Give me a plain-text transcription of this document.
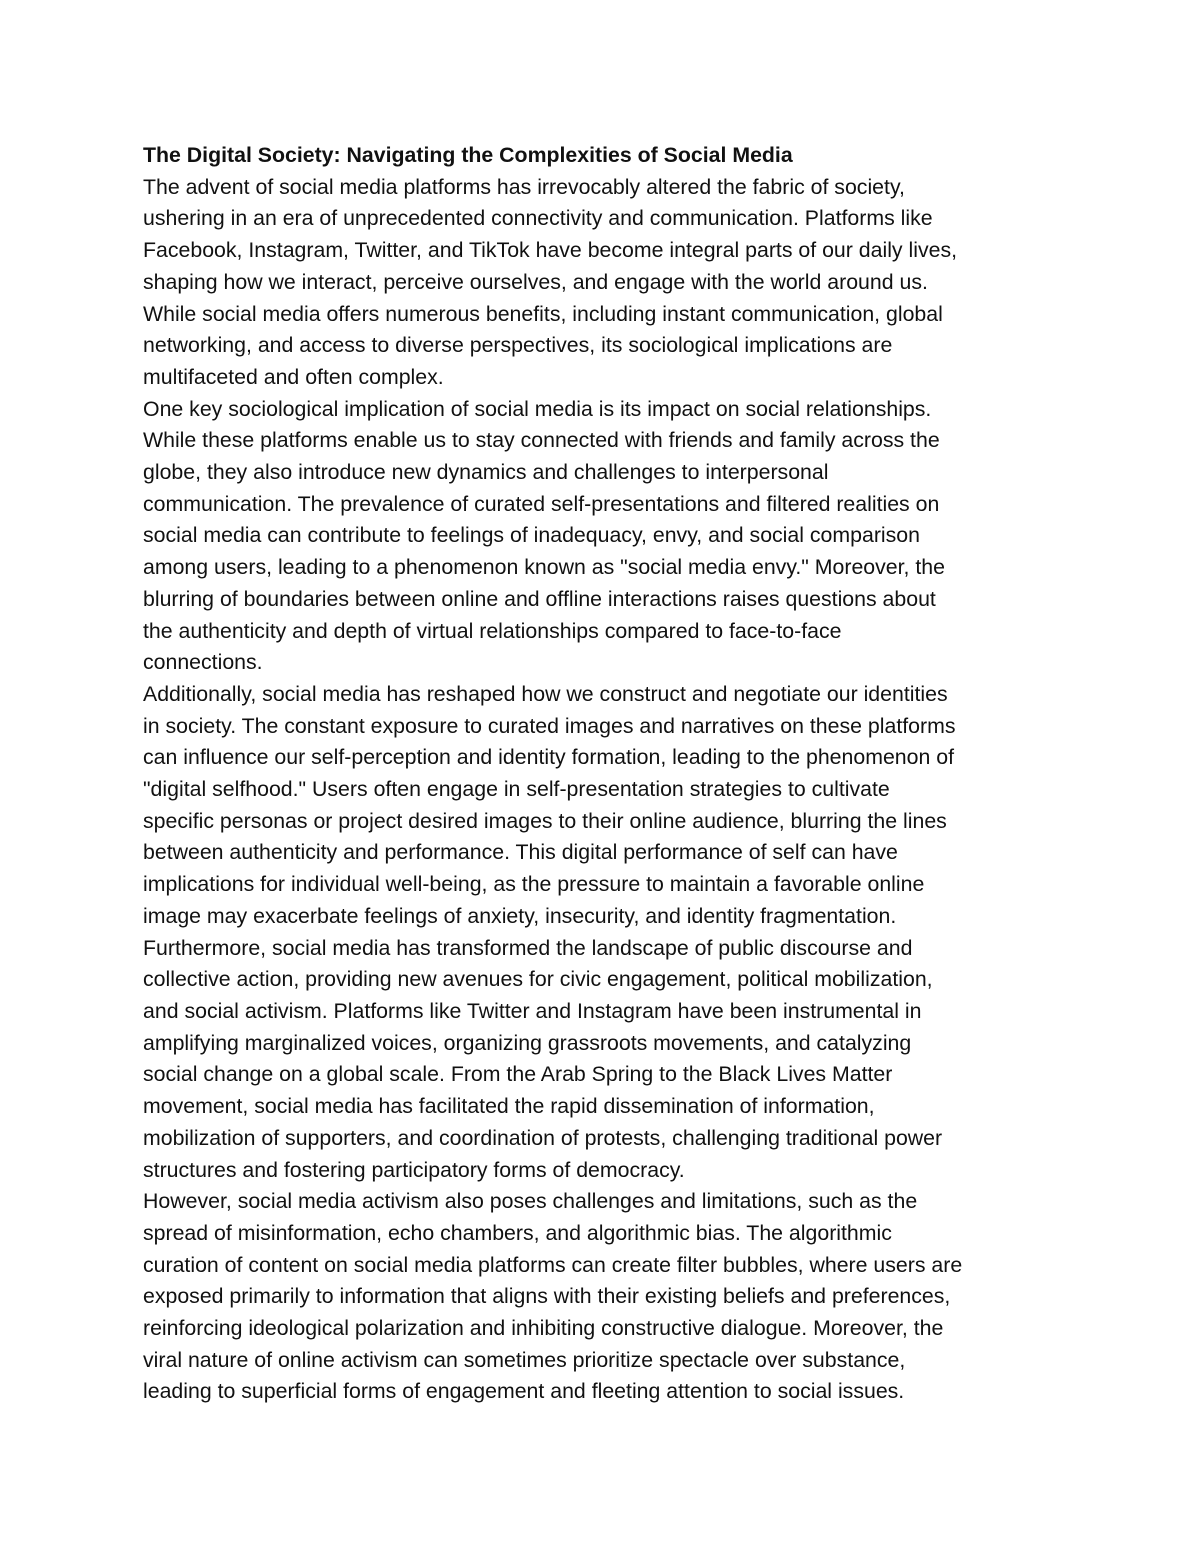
The Digital Society: Navigating the Complexities of Social Media

The advent of social media platforms has irrevocably altered the fabric of society,
ushering in an era of unprecedented connectivity and communication. Platforms like
Facebook, Instagram, Twitter, and TikTok have become integral parts of our daily lives,
shaping how we interact, perceive ourselves, and engage with the world around us.
While social media offers numerous benefits, including instant communication, global
networking, and access to diverse perspectives, its sociological implications are
multifaceted and often complex.

One key sociological implication of social media is its impact on social relationships.
While these platforms enable us to stay connected with friends and family across the
globe, they also introduce new dynamics and challenges to interpersonal
communication. The prevalence of curated self-presentations and filtered realities on
social media can contribute to feelings of inadequacy, envy, and social comparison
among users, leading to a phenomenon known as "social media envy." Moreover, the
blurring of boundaries between online and offline interactions raises questions about
the authenticity and depth of virtual relationships compared to face-to-face
connections.

Additionally, social media has reshaped how we construct and negotiate our identities
in society. The constant exposure to curated images and narratives on these platforms
can influence our self-perception and identity formation, leading to the phenomenon of
"digital selfhood." Users often engage in self-presentation strategies to cultivate
specific personas or project desired images to their online audience, blurring the lines
between authenticity and performance. This digital performance of self can have
implications for individual well-being, as the pressure to maintain a favorable online
image may exacerbate feelings of anxiety, insecurity, and identity fragmentation.

Furthermore, social media has transformed the landscape of public discourse and
collective action, providing new avenues for civic engagement, political mobilization,
and social activism. Platforms like Twitter and Instagram have been instrumental in
amplifying marginalized voices, organizing grassroots movements, and catalyzing
social change on a global scale. From the Arab Spring to the Black Lives Matter
movement, social media has facilitated the rapid dissemination of information,
mobilization of supporters, and coordination of protests, challenging traditional power
structures and fostering participatory forms of democracy.

However, social media activism also poses challenges and limitations, such as the
spread of misinformation, echo chambers, and algorithmic bias. The algorithmic
curation of content on social media platforms can create filter bubbles, where users are
exposed primarily to information that aligns with their existing beliefs and preferences,
reinforcing ideological polarization and inhibiting constructive dialogue. Moreover, the
viral nature of online activism can sometimes prioritize spectacle over substance,
leading to superficial forms of engagement and fleeting attention to social issues.
